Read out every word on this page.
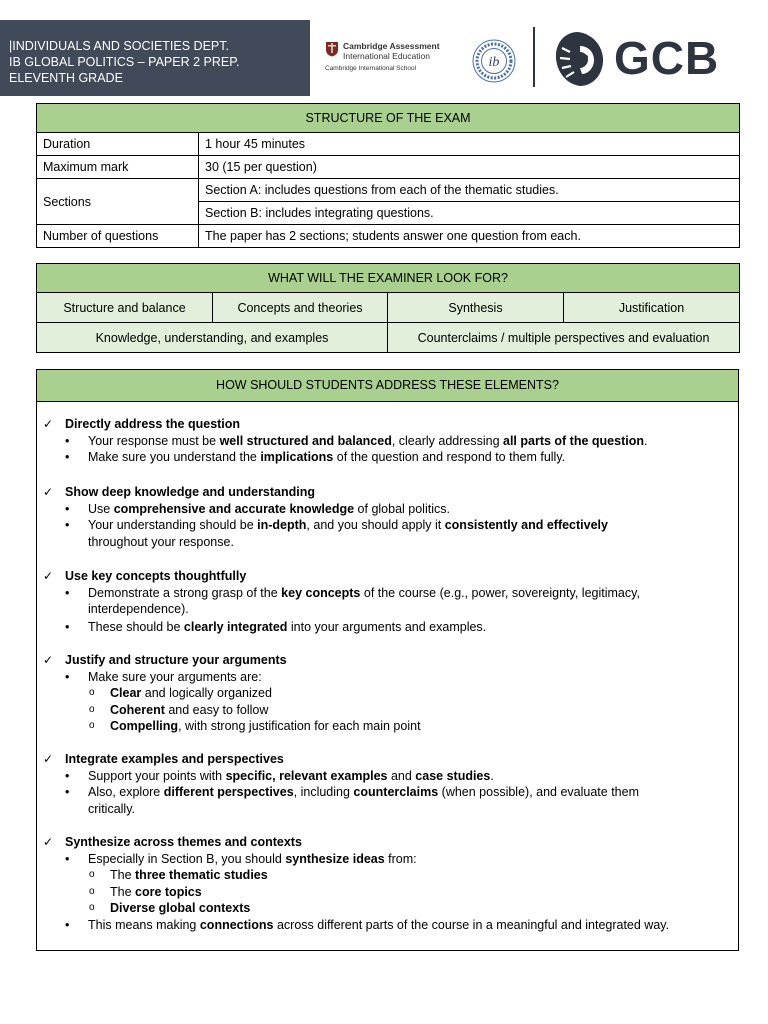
|INDIVIDUALS AND SOCIETIES DEPT.
IB GLOBAL POLITICS – PAPER 2 PREP.
ELEVENTH GRADE
Cambridge Assessment
International Education
Cambridge International School	ib GCB
STRUCTURE OF THE EXAM	
Duration	1 hour 45 minutes
Maximum mark	30 (15 per question)
Sections	Section A: includes questions from each of the thematic studies.
	Section B: includes integrating questions.
Number of questions	The paper has 2 sections; students answer one question from each.
WHAT WILL THE EXAMINER LOOK FOR?			
Structure and balance	Concepts and theories	Synthesis	Justification
Knowledge, understanding, and examples		Counterclaims / multiple perspectives and evaluation	
HOW SHOULD STUDENTS ADDRESS THESE ELEMENTS?
✓ Directly address the question
• Your response must be well structured and balanced, clearly addressing all parts of the question.
• Make sure you understand the implications of the question and respond to them fully.
✓ Show deep knowledge and understanding
• Use comprehensive and accurate knowledge of global politics.
• Your understanding should be in-depth, and you should apply it consistently and effectively
throughout your response.
✓ Use key concepts thoughtfully
• Demonstrate a strong grasp of the key concepts of the course (e.g., power, sovereignty, legitimacy,
interdependence).
• These should be clearly integrated into your arguments and examples.
✓ Justify and structure your arguments
• Make sure your arguments are:
o Clear and logically organized
o Coherent and easy to follow
o Compelling, with strong justification for each main point
✓ Integrate examples and perspectives
• Support your points with specific, relevant examples and case studies.
• Also, explore different perspectives, including counterclaims (when possible), and evaluate them
critically.
✓ Synthesize across themes and contexts
• Especially in Section B, you should synthesize ideas from:
o The three thematic studies
o The core topics
o Diverse global contexts
• This means making connections across different parts of the course in a meaningful and integrated way.
